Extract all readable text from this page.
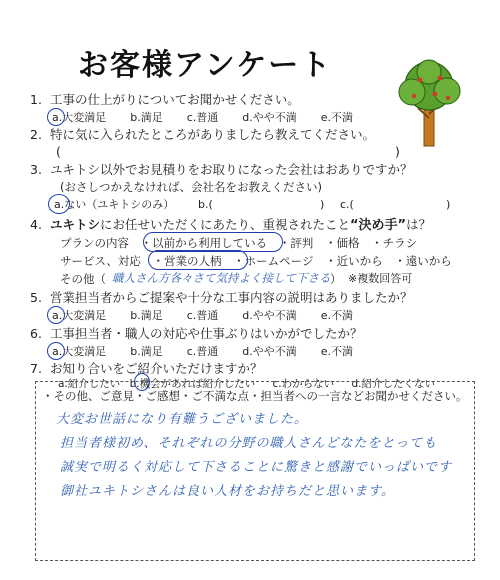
お客様アンケート
1. 工事の仕上がりについてお聞かせください。
a.大変満足 b.満足 c.普通 d.やや不満 e.不満
2. 特に気に入られたところがありましたら教えてください。
(	)
3. ユキトシ以外でお見積りをお取りになった会社はおありですか？
(おさしつかえなければ、会社名をお教えください)
a.ない（ユキトシのみ） b.(	) c.(	)
4. ユキトシにお任せいただくにあたり、重視されたこと“決め手”は？
プランの内容 ・以前から利用している ・評判 ・価格 ・チラシ
サービス、対応 ・営業の人柄 ・ホームページ ・近いから ・遠いから
その他（ 職人さん方各々さて気持よく接して下さる ） ※複数回答可
5. 営業担当者からご提案や十分な工事内容の説明はありましたか？
a.大変満足 b.満足 c.普通 d.やや不満 e.不満
6. 工事担当者・職人の対応や仕事ぶりはいかがでしたか？
a.大変満足 b.満足 c.普通 d.やや不満 e.不満
7. お知り合いをご紹介いただけますか？
a.紹介したい b.機会があれば紹介したい c.わからない d.紹介したくない
・その他、ご意見・ご感想・ご不満な点・担当者への一言などお聞かせください。
大変お世話になり有難うございました。
担当者様初め、それぞれの分野の職人さんどなたをとっても
誠実で明るく対応して下さることに驚きと感謝でいっぱいです
御社ユキトシさんは良い人材をお持ちだと思います。
